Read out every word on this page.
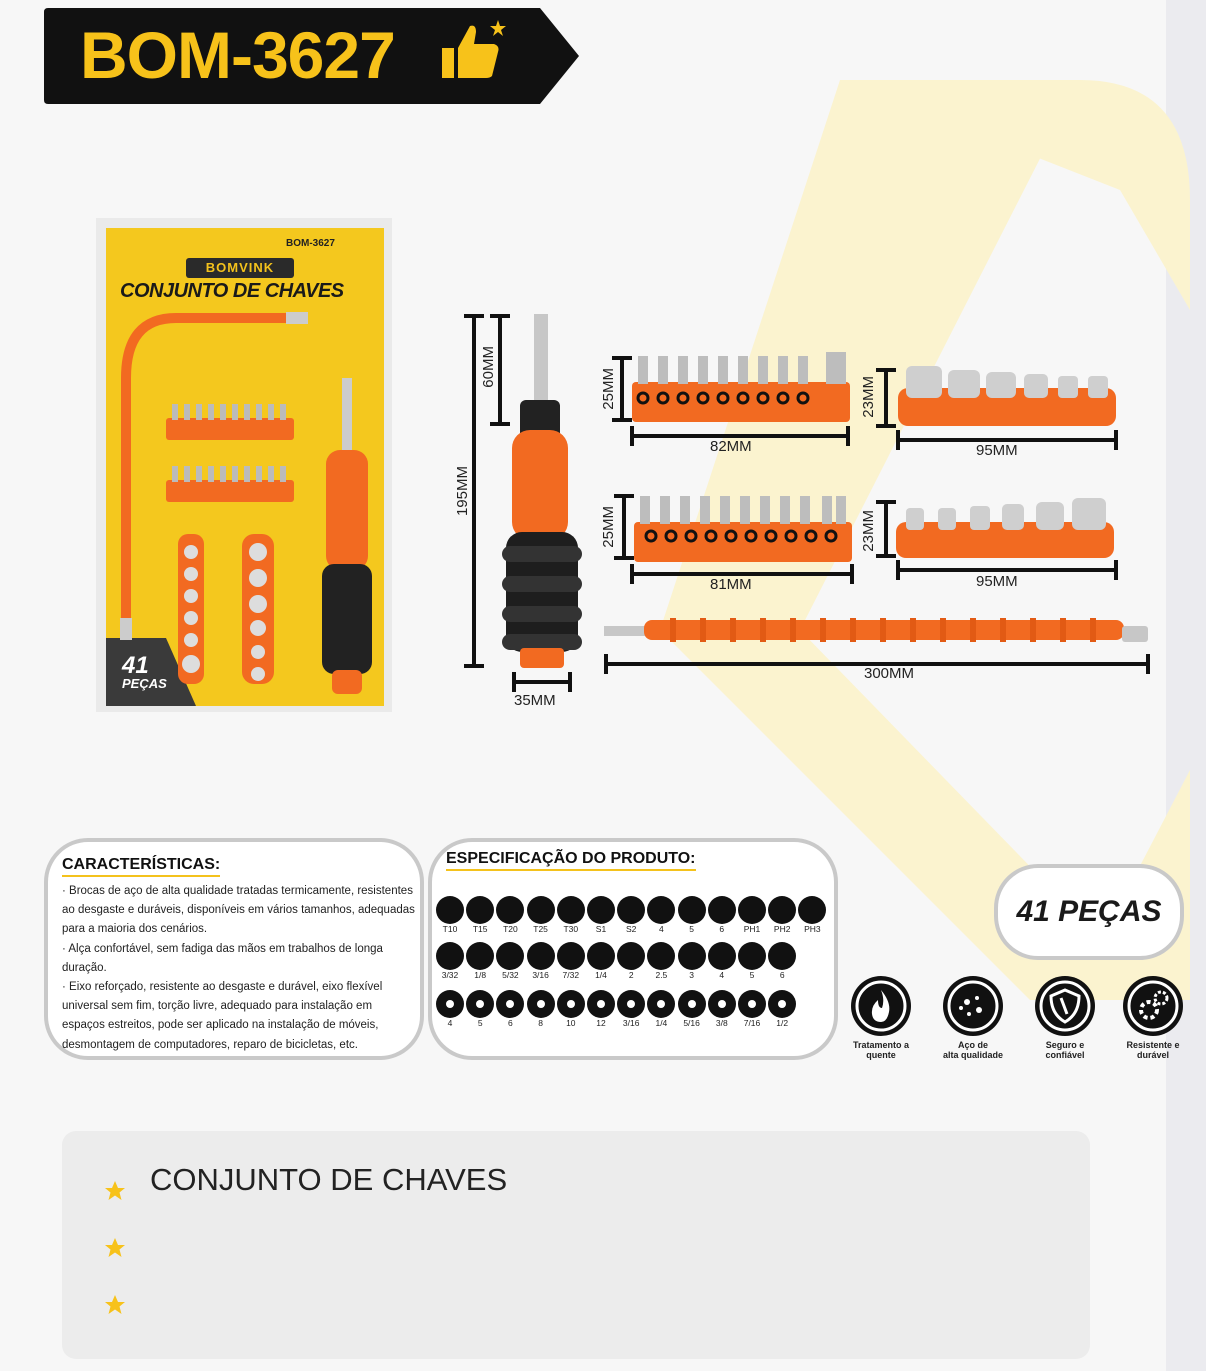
BOM-3627
BOM-3627
BOMVINK
CONJUNTO DE CHAVES
41
PEÇAS
195MM
60MM
35MM
25MM
82MM
23MM
95MM
25MM
81MM
23MM
95MM
300MM
CARACTERÍSTICAS:

· Brocas de aço de alta qualidade tratadas termicamente, resistentes ao desgaste e duráveis, disponíveis em vários tamanhos, adequadas para a maioria dos cenários.

· Alça confortável, sem fadiga das mãos em trabalhos de longa duração.

· Eixo reforçado, resistente ao desgaste e durável, eixo flexível universal sem fim, torção livre, adequado para instalação em espaços estreitos, pode ser aplicado na instalação de móveis, desmontagem de computadores, reparo de bicicletas, etc.

ESPECIFICAÇÃO DO PRODUTO:
41 PEÇAS
Tratamento a
quente
Aço de
alta qualidade
Seguro e
confiável
Resistente e
durável
CONJUNTO DE CHAVES
T10	T15	T20	T25	T30	S1	S2	4	5	6	PH1	PH2	PH3
3/32	1/8	5/32	3/16	7/32	1/4	2	2.5	3	4	5	6
4	5	6	8	10	12	3/16	1/4	5/16	3/8	7/16	1/2
